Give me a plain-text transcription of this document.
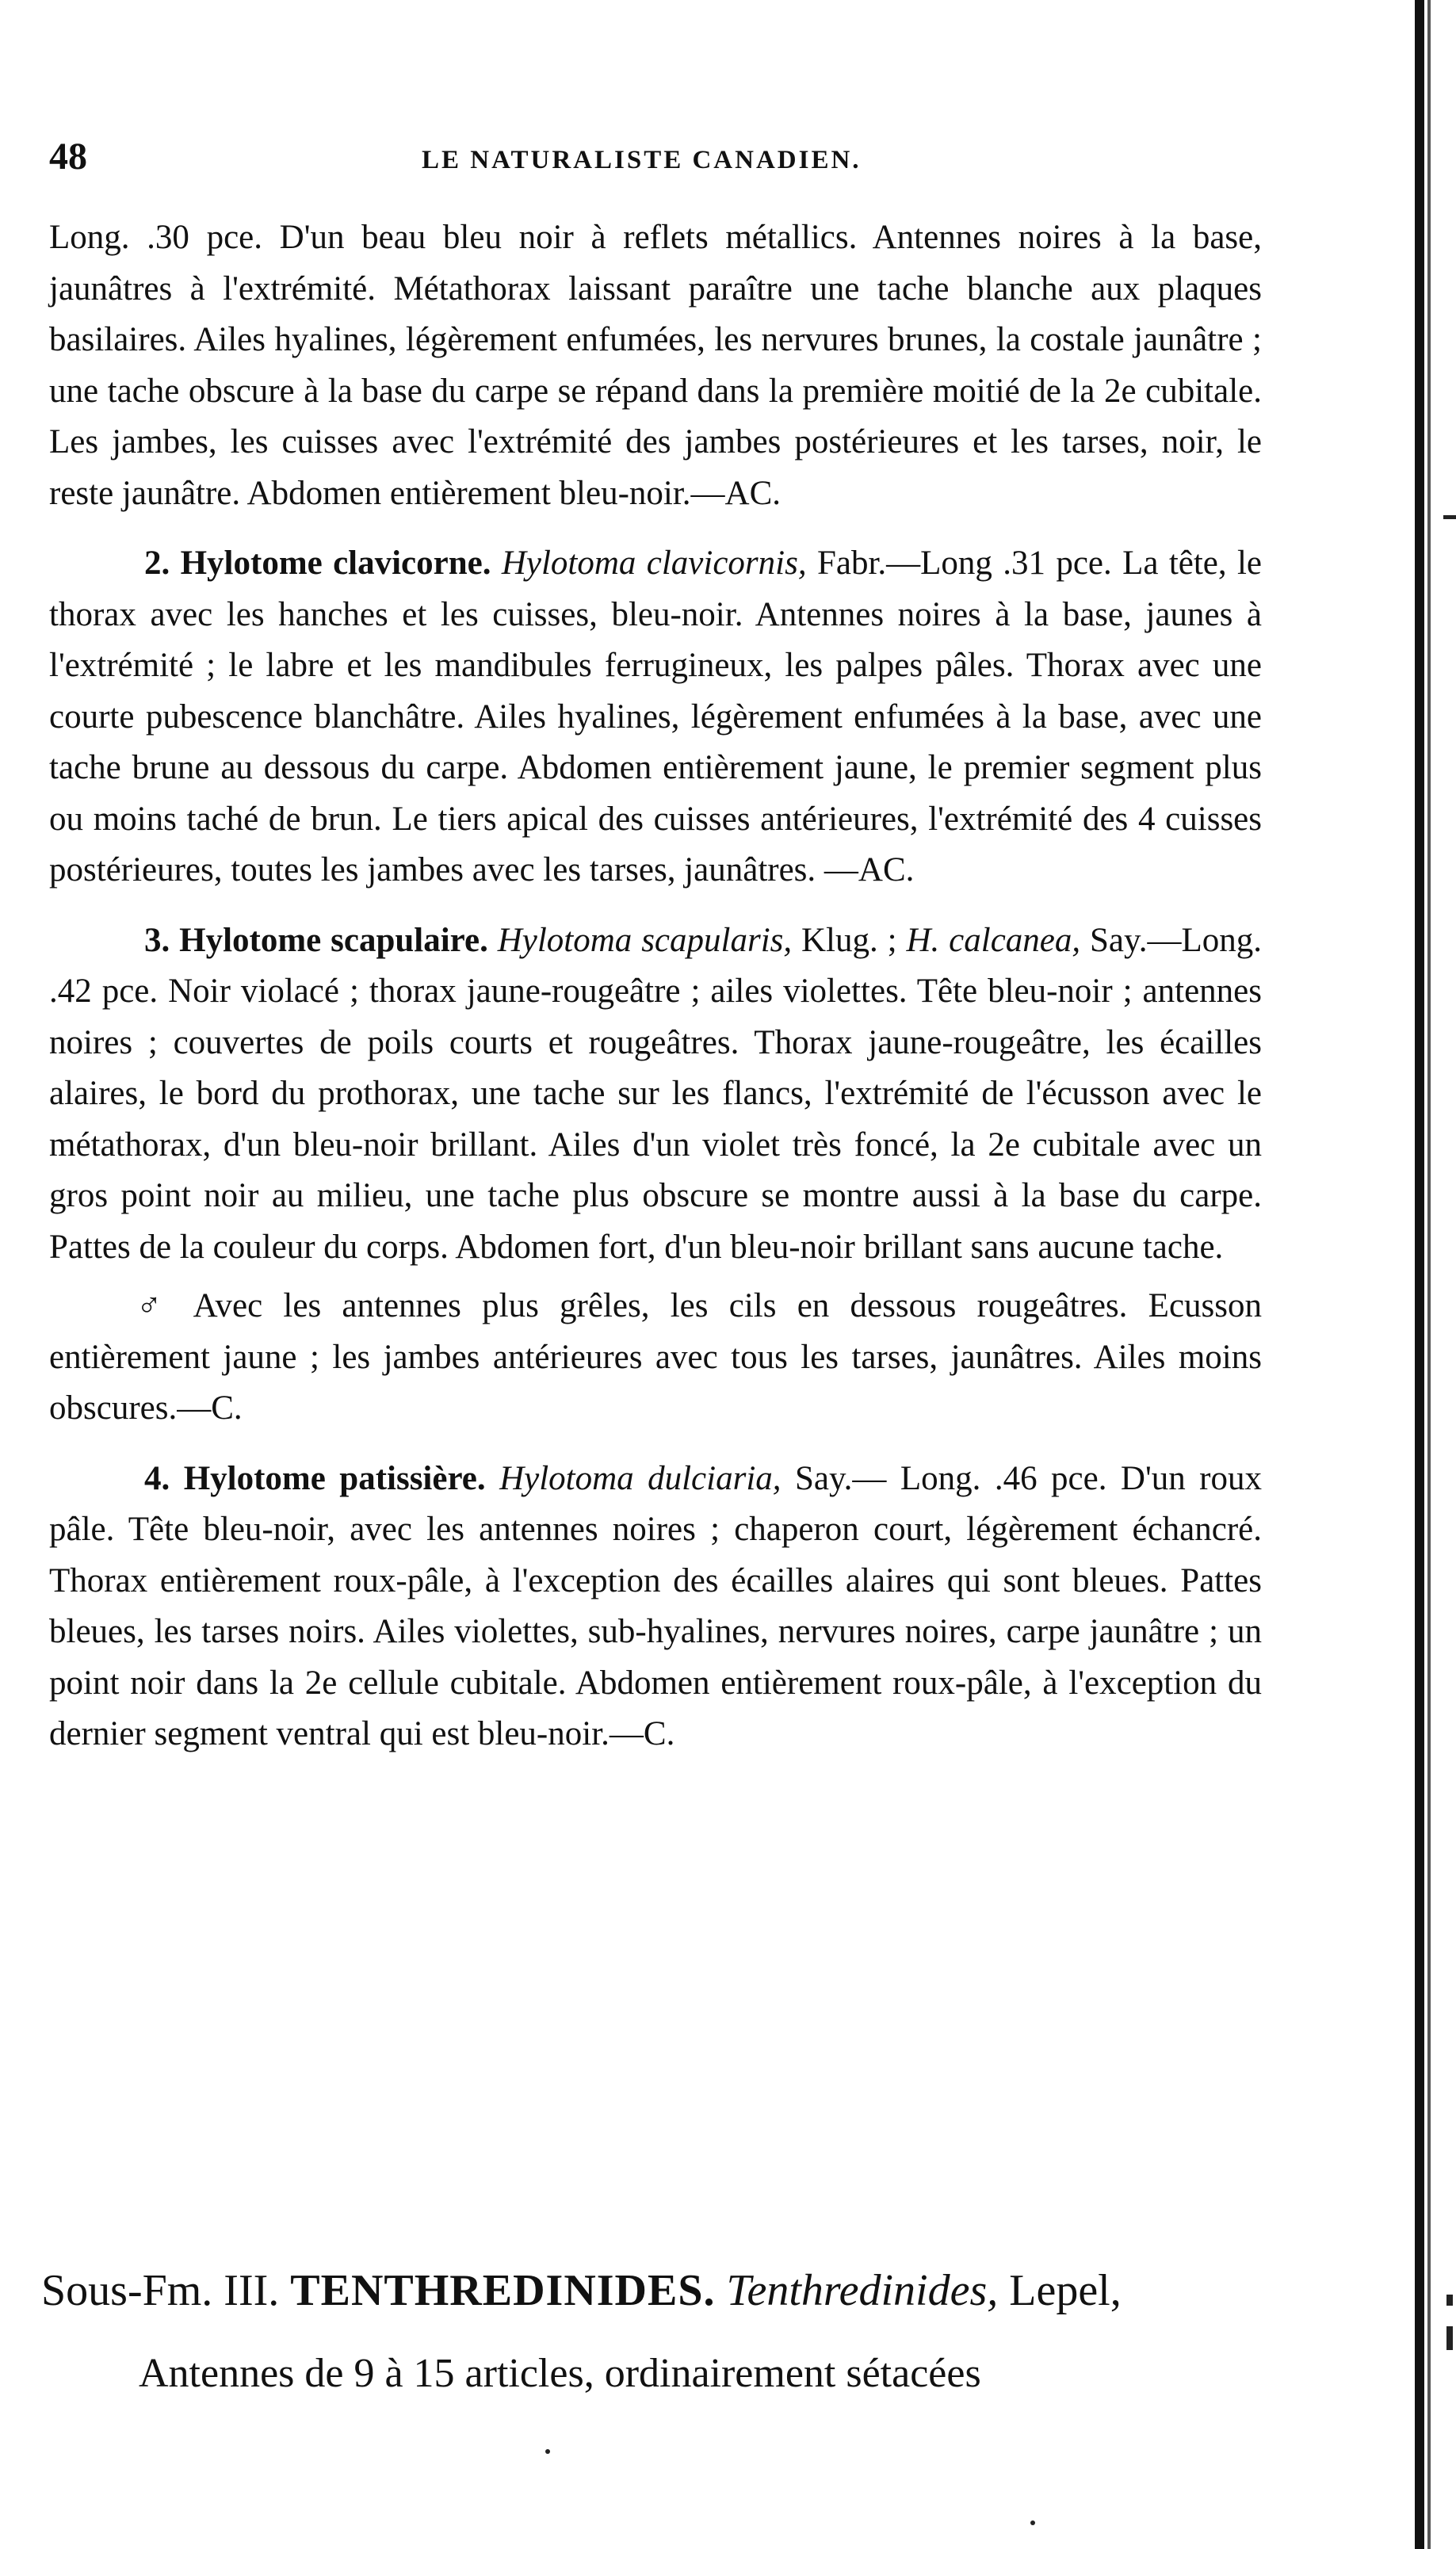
48	LE NATURALISTE CANADIEN.

Long. .30 pce. D'un beau bleu noir à reflets métallics. Antennes noires à la base, jaunâtres à l'extrémité. Métathorax laissant paraître une tache blanche aux plaques basilaires. Ailes hyalines, légèrement enfumées, les nervures brunes, la costale jaunâtre ; une tache obscure à la base du carpe se répand dans la première moitié de la 2e cubitale. Les jambes, les cuisses avec l'extrémité des jambes postérieures et les tarses, noir, le reste jaunâtre. Abdomen entièrement bleu-noir.—AC.

2. Hylotome clavicorne. Hylotoma clavicornis, Fabr.—Long .31 pce. La tête, le thorax avec les hanches et les cuisses, bleu-noir. Antennes noires à la base, jaunes à l'extrémité ; le labre et les mandibules ferrugineux, les palpes pâles. Thorax avec une courte pubescence blanchâtre. Ailes hyalines, légèrement enfumées à la base, avec une tache brune au dessous du carpe. Abdomen entièrement jaune, le premier segment plus ou moins taché de brun. Le tiers apical des cuisses antérieures, l'extrémité des 4 cuisses postérieures, toutes les jambes avec les tarses, jaunâtres. —AC.

3. Hylotome scapulaire. Hylotoma scapularis, Klug. ; H. calcanea, Say.—Long. .42 pce. Noir violacé ; thorax jaune-rougeâtre ; ailes violettes. Tête bleu-noir ; antennes noires ; couvertes de poils courts et rougeâtres. Thorax jaune-rougeâtre, les écailles alaires, le bord du prothorax, une tache sur les flancs, l'extrémité de l'écusson avec le métathorax, d'un bleu-noir brillant. Ailes d'un violet très foncé, la 2e cubitale avec un gros point noir au milieu, une tache plus obscure se montre aussi à la base du carpe. Pattes de la couleur du corps. Abdomen fort, d'un bleu-noir brillant sans aucune tache.

♂ Avec les antennes plus grêles, les cils en dessous rougeâtres. Ecusson entièrement jaune ; les jambes antérieures avec tous les tarses, jaunâtres. Ailes moins obscures.—C.

4. Hylotome patissière. Hylotoma dulciaria, Say.— Long. .46 pce. D'un roux pâle. Tête bleu-noir, avec les antennes noires ; chaperon court, légèrement échancré. Thorax entièrement roux-pâle, à l'exception des écailles alaires qui sont bleues. Pattes bleues, les tarses noirs. Ailes violettes, sub-hyalines, nervures noires, carpe jaunâtre ; un point noir dans la 2e cellule cubitale. Abdomen entièrement roux-pâle, à l'exception du dernier segment ventral qui est bleu-noir.—C.

Sous-Fm. III. TENTHREDINIDES. Tenthredinides, Lepel,
Antennes de 9 à 15 articles, ordinairement sétacées
